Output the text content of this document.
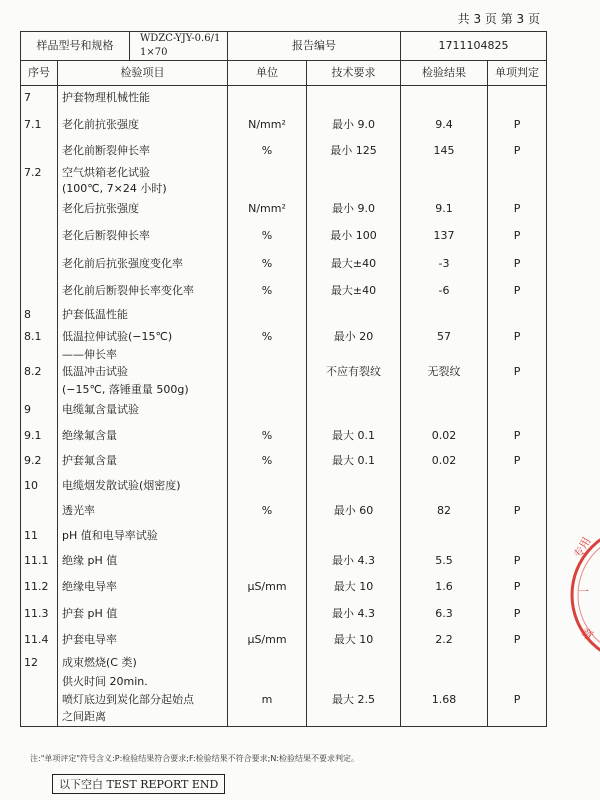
共 3 页 第 3 页
样品型号和规格
WDZC-YJY-0.6/1 1×70		报告编号		1711104825	
序号	检验项目	单位	技术要求	检验结果	单项判定
7	护套物理机械性能				
7.1	老化前抗张强度	N/mm²	最小 9.0	9.4	P
	老化前断裂伸长率	%	最小 125	145	P
7.2	空气烘箱老化试验				
	(100℃, 7×24 小时)				
	老化后抗张强度	N/mm²	最小 9.0	9.1	P
	老化后断裂伸长率	%	最小 100	137	P
	老化前后抗张强度变化率	%	最大±40	-3	P
	老化前后断裂伸长率变化率	%	最大±40	-6	P
8	护套低温性能				
8.1	低温拉伸试验(−15℃)	%	最小 20	57	P
	——伸长率				
8.2	低温冲击试验		不应有裂纹	无裂纹	P
	(−15℃, 落锤重量 500g)				
9	电缆氟含量试验				
9.1	绝缘氟含量	%	最大 0.1	0.02	P
9.2	护套氟含量	%	最大 0.1	0.02	P
10	电缆烟发散试验(烟密度)				
	透光率	%	最小 60	82	P
11	pH 值和电导率试验				
11.1	绝缘 pH 值		最小 4.3	5.5	P
11.2	绝缘电导率	μS/mm	最大 10	1.6	P
11.3	护套 pH 值		最小 4.3	6.3	P
11.4	护套电导率	μS/mm	最大 10	2.2	P
12	成束燃烧(C 类)				
	供火时间 20min.				
	喷灯底边到炭化部分起始点	m	最大 2.5	1.68	P
	之间距离				
专用
一
章
注:"单项评定"符号含义:P:检验结果符合要求;F:检验结果不符合要求;N:检验结果不要求判定。
以下空白 TEST REPORT END
